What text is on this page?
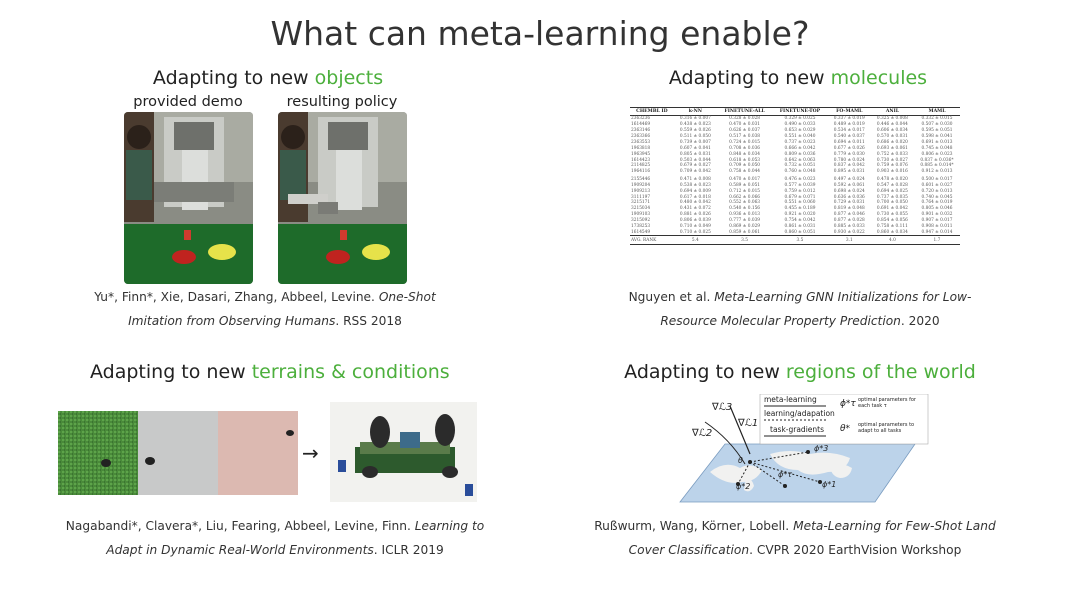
What can meta-learning enable?
Adapting to new objects
provided demo	resulting policy
Yu*, Finn*, Xie, Dasari, Zhang, Abbeel, Levine. One-Shot
Imitation from Observing Humans. RSS 2018
Adapting to new molecules
CHEMBL ID	k-NN	FINETUNE-ALL	FINETUNE-TOP	FO-MAML	ANIL	MAML
2363236	0.316 ± 0.007	0.328 ± 0.028	0.329 ± 0.025	0.337 ± 0.019	0.325 ± 0.008	0.332 ± 0.015
1614469	0.438 ± 0.023	0.470 ± 0.031	0.490 ± 0.033	0.489 ± 0.019	0.446 ± 0.044	0.507 ± 0.030
2363146	0.559 ± 0.026	0.626 ± 0.037	0.653 ± 0.029	0.534 ± 0.017	0.606 ± 0.034	0.595 ± 0.051
2363366	0.511 ± 0.050	0.517 ± 0.038	0.551 ± 0.040	0.540 ± 0.037	0.570 ± 0.031	0.598 ± 0.041
2363553	0.739 ± 0.007	0.724 ± 0.015	0.737 ± 0.023	0.694 ± 0.011	0.686 ± 0.020	0.691 ± 0.013
1963818	0.607 ± 0.041	0.708 ± 0.036	0.666 ± 0.042	0.677 ± 0.026	0.693 ± 0.061	0.745 ± 0.048
1963945	0.805 ± 0.031	0.848 ± 0.034	0.809 ± 0.036	0.779 ± 0.030	0.752 ± 0.033	0.806 ± 0.023
1614423	0.503 ± 0.044	0.618 ± 0.053	0.642 ± 0.063	0.780 ± 0.024	0.730 ± 0.027	0.837 ± 0.036*
2114825	0.679 ± 0.027	0.709 ± 0.050	0.732 ± 0.051	0.837 ± 0.042	0.759 ± 0.076	0.885 ± 0.014*
1964116	0.709 ± 0.042	0.758 ± 0.044	0.760 ± 0.048	0.895 ± 0.031	0.903 ± 0.016	0.912 ± 0.013
2155446	0.471 ± 0.008	0.470 ± 0.017	0.476 ± 0.023	0.497 ± 0.024	0.478 ± 0.020	0.500 ± 0.017
1909204	0.538 ± 0.023	0.589 ± 0.051	0.577 ± 0.039	0.592 ± 0.061	0.547 ± 0.028	0.601 ± 0.027
1909213	0.694 ± 0.009	0.712 ± 0.015	0.759 ± 0.012	0.698 ± 0.024	0.694 ± 0.025	0.720 ± 0.013
3111197	0.617 ± 0.018	0.662 ± 0.066	0.679 ± 0.071	0.636 ± 0.036	0.737 ± 0.035	0.740 ± 0.045
3215171	0.480 ± 0.042	0.552 ± 0.063	0.551 ± 0.060	0.729 ± 0.031	0.700 ± 0.050	0.764 ± 0.019
3215034	0.431 ± 0.072	0.540 ± 0.156	0.455 ± 0.189	0.819 ± 0.048	0.691 ± 0.042	0.805 ± 0.046
1909103	0.881 ± 0.026	0.936 ± 0.013	0.921 ± 0.020	0.877 ± 0.046	0.730 ± 0.055	0.901 ± 0.032
3215092	0.806 ± 0.039	0.777 ± 0.039	0.754 ± 0.042	0.877 ± 0.028	0.854 ± 0.056	0.907 ± 0.017
1738253	0.710 ± 0.049	0.869 ± 0.029	0.861 ± 0.031	0.885 ± 0.033	0.758 ± 0.111	0.908 ± 0.011
1614549	0.710 ± 0.025	0.859 ± 0.061	0.860 ± 0.051	0.930 ± 0.022	0.860 ± 0.034	0.947 ± 0.014
AVG. RANK	5.4	3.5	3.5	3.1	4.0	1.7
Nguyen et al. Meta-Learning GNN Initializations for Low-
Resource Molecular Property Prediction. 2020
Adapting to new terrains & conditions
→
Nagabandi*, Clavera*, Liu, Fearing, Abbeel, Levine, Finn. Learning to
Adapt in Dynamic Real-World Environments. ICLR 2019
Adapting to new regions of the world
meta-learning
learning/adapation
task-gradients
ϕ*τ optimal parameters for
each task τ
θ* optimal parameters to
adapt to all tasks
∇ℒ3
∇ℒ1
∇ℒ2
θ
ϕ*3
ϕ*τ
ϕ*2	ϕ*1
Rußwurm, Wang, Körner, Lobell. Meta-Learning for Few-Shot Land
Cover Classification. CVPR 2020 EarthVision Workshop
